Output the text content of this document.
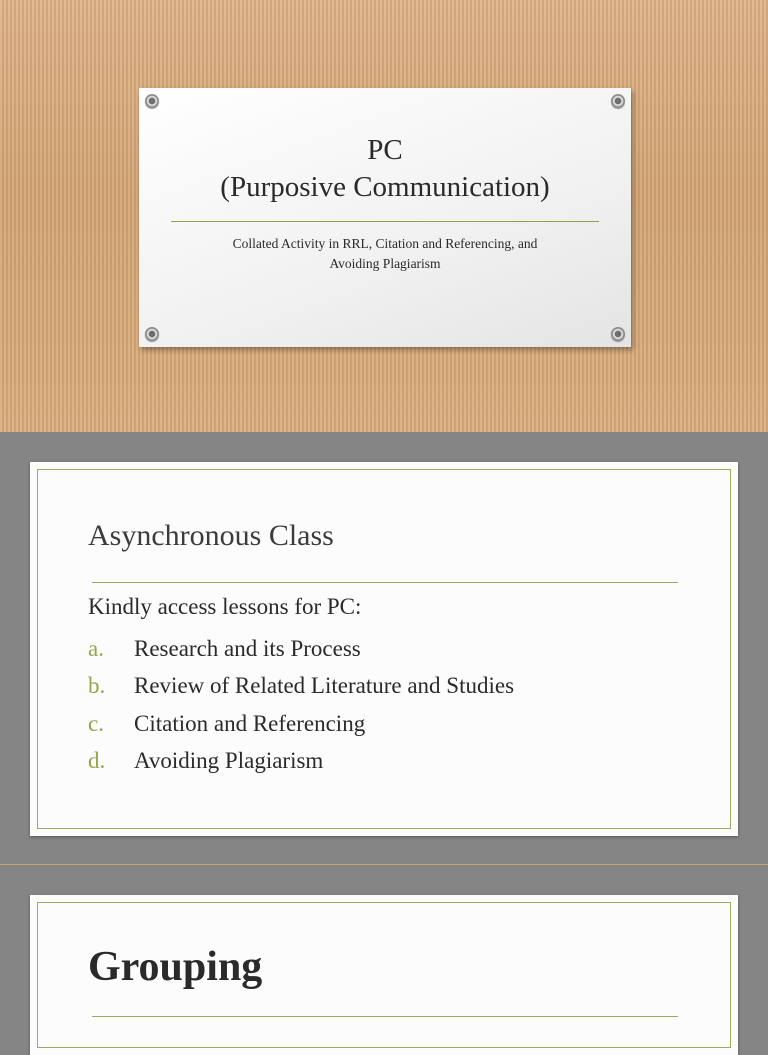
PC
(Purposive Communication)
Collated Activity in RRL, Citation and Referencing, and
Avoiding Plagiarism
Asynchronous Class
Kindly access lessons for PC:
a.	Research and its Process
b.	Review of Related Literature and Studies
c.	Citation and Referencing
d.	Avoiding Plagiarism
Grouping
